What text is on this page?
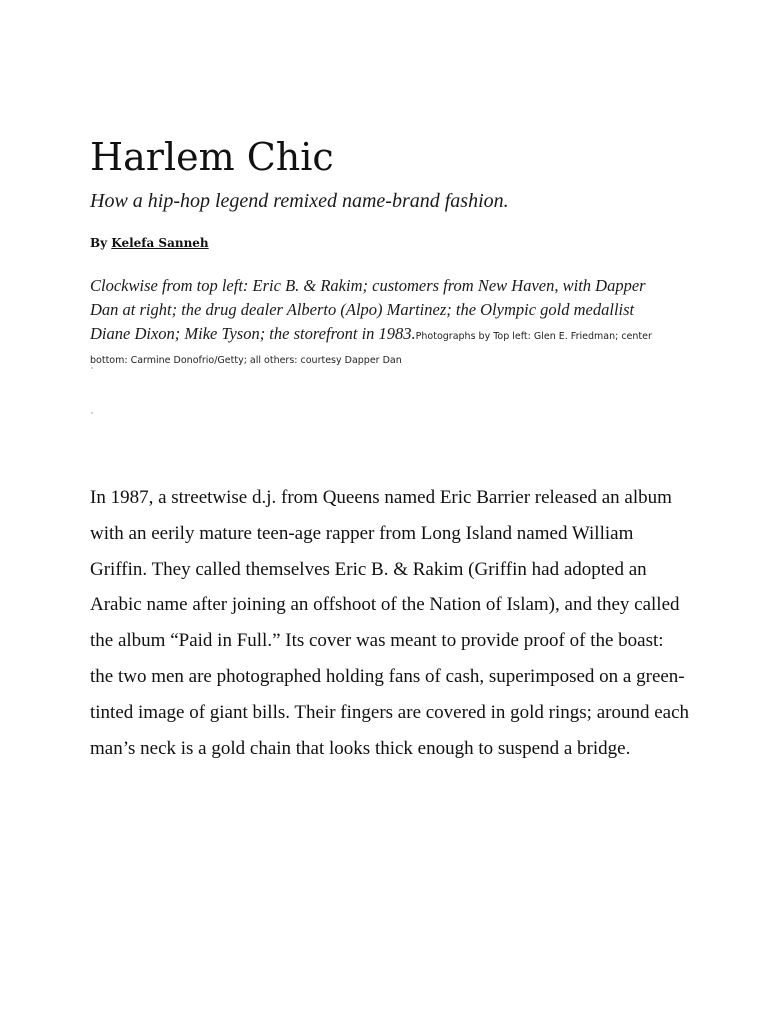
Harlem Chic

How a hip-hop legend remixed name-brand fashion.

By Kelefa Sanneh

Clockwise from top left: Eric B. & Rakim; customers from New Haven, with Dapper Dan at right; the drug dealer Alberto (Alpo) Martinez; the Olympic gold medallist Diane Dixon; Mike Tyson; the storefront in 1983.Photographs by Top left: Glen E. Friedman; center bottom: Carmine Donofrio/Getty; all others: courtesy Dapper Dan

In 1987, a streetwise d.j. from Queens named Eric Barrier released an album with an eerily mature teen-age rapper from Long Island named William Griffin. They called themselves Eric B. & Rakim (Griffin had adopted an Arabic name after joining an offshoot of the Nation of Islam), and they called the album “Paid in Full.” Its cover was meant to provide proof of the boast: the two men are photographed holding fans of cash, superimposed on a green-tinted image of giant bills. Their fingers are covered in gold rings; around each man’s neck is a gold chain that looks thick enough to suspend a bridge.
